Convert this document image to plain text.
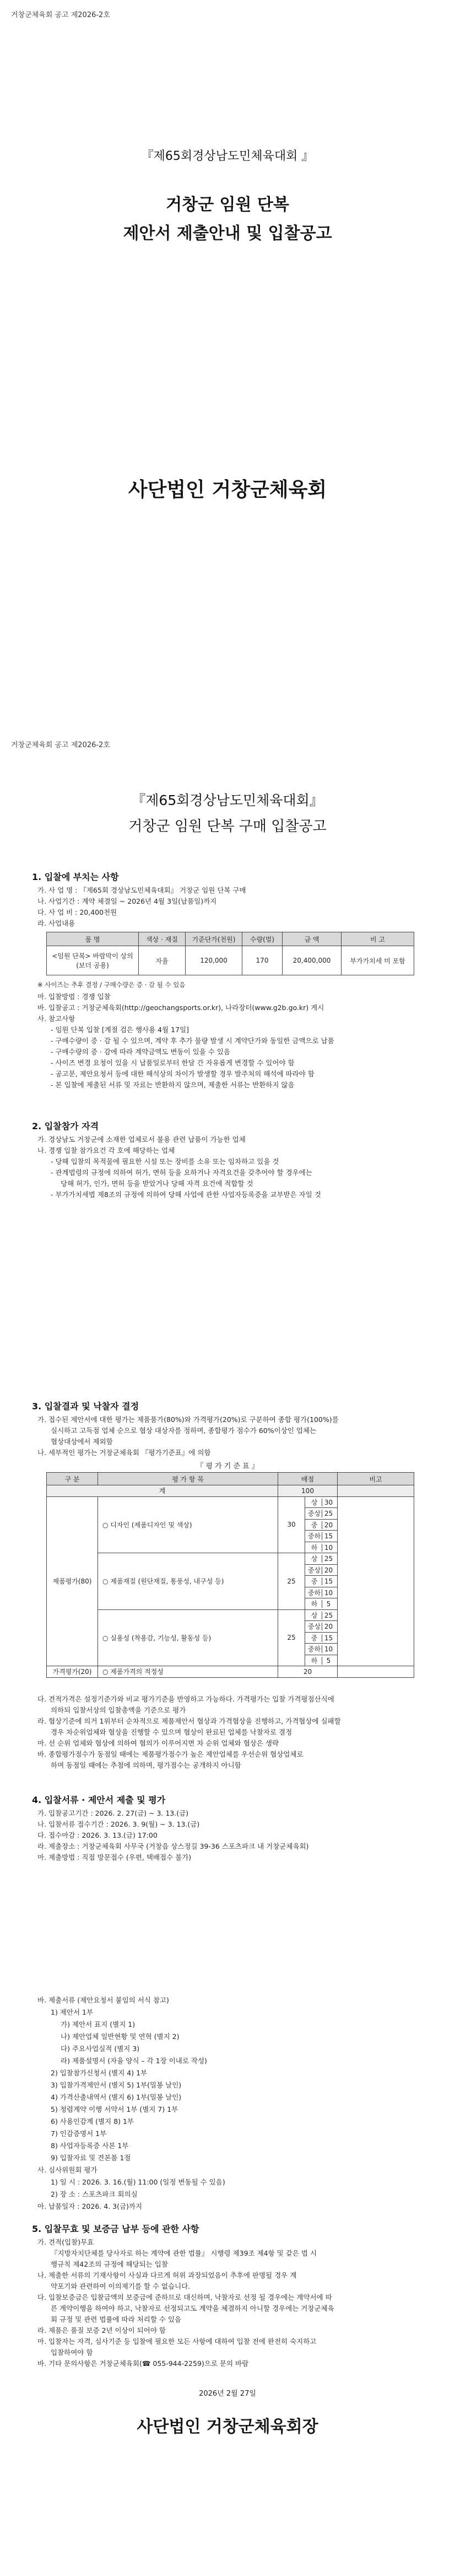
거창군체육회 공고 제2026-2호
『제65회경상남도민체육대회 』
거창군 임원 단복
제안서 제출안내 및 입찰공고
사단법인 거창군체육회
거창군체육회 공고 제2026-2호
『제65회경상남도민체육대회』
거창군 임원 단복 구매 입찰공고
1. 입찰에 부치는 사항
가. 사 업 명 : 『제65회 경상남도민체육대회』 거창군 임원 단복 구매
나. 사업기간 : 계약 체결일 ~ 2026년 4월 3일(납품일)까지
다. 사 업 비 : 20,400천원
라. 사업내용
품 명	색상 · 재질	기준단가(천원)	수량(벌)	금 액	비 고
<임원 단복> 바람막이 상의 (보더 공용)	자율	120,000	170	20,400,000	부가가치세 미 포함
※ 사이즈는 추후 결정 / 구매수량은 증 · 감 될 수 있음
마. 입찰방법 : 경쟁 입찰
바. 입찰공고 : 거창군체육회(http://geochangsports.or.kr), 나라장터(www.g2b.go.kr) 게시
사. 참고사항
- 임원 단복 입찰 [계절 검은 행사용 4월 17일]
- 구매수량이 증 · 감 될 수 있으며, 계약 후 추가 물량 발생 시 계약단가와 동일한 금액으로 납품
- 구매수량의 증 · 감에 따라 계약금액도 변동이 있을 수 있음
- 사이즈 변경 요청이 있을 시 납품일로부터 한달 간 자유롭게 변경할 수 있어야 함
- 공고문, 제안요청서 등에 대한 해석상의 차이가 발생할 경우 발주처의 해석에 따라야 함
- 본 입찰에 제출된 서류 및 자료는 반환하지 않으며, 제출한 서류는 반환하지 않음
2. 입찰참가 자격
가. 경상남도 거창군에 소재한 업체로서 불용 관련 납품이 가능한 업체
나. 경쟁 입찰 참가요건 각 호에 해당하는 업체
- 당해 입찰의 목적물에 필요한 시설 또는 장비를 소유 또는 임차하고 있을 것
- 관계법령의 규정에 의하여 허가, 면허 등을 요하거나 자격요건을 갖추어야 할 경우에는
당해 허가, 인가, 면허 등을 받았거나 당해 자격 요건에 적합할 것
- 부가가치세법 제8조의 규정에 의하여 당해 사업에 관한 사업자등록증을 교부받은 자일 것
3. 입찰결과 및 낙찰자 결정
가. 접수된 제안서에 대한 평가는 제품품가(80%)와 가격평가(20%)로 구분하여 종합 평가(100%)를
실시하고 고득점 업체 순으로 협상 대상자를 정하며, 종합평가 점수가 60%이상인 업체는
협상대상에서 제외함
나. 세부적인 평가는 거창군체육회 『평가기준표』에 의함
『 평 가 기 준 표 』
구 분	평 가 항 목	배점		비고
계		100		
제품평가(80)	○ 디자인 (제품디자인 및 색상)	30	상 30	
			중상 25	
			중 20	
			중하 15	
			하 10	
	○ 제품재질 (원단재질, 통풍성, 내구성 등)	25	상 25	
			중상 20	
			중 15	
			중하 10	
			하 5	
	○ 실용성 (착용감, 기능성, 활동성 등)	25	상 25	
			중상 20	
			중 15	
			중하 10	
			하 5	
가격평가(20)	○ 제품가격의 적정성	20		
다. 견적가격은 설정기준가와 비교 평가기준을 반영하고 가능하다. 가격평가는 입찰 가격평점산식에
의하되 입찰서상의 입찰총액을 기준으로 평가
라. 협상기준에 의거 1위부터 순차적으로 제품제안서 협상과 가격협상을 진행하고, 가격협상에 실패할
경우 차순위업체와 협상을 진행할 수 있으며 협상이 완료된 업체를 낙찰자로 결정
마. 선 순위 업체와 협상에 의하여 협의가 이루어지면 차 순위 업체와 협상은 생략
바. 종합평가점수가 동점일 때에는 제품평가점수가 높은 제안업체를 우선순위 협상업체로
하며 동점일 때에는 추첨에 의하며, 평가점수는 공개하지 아니함
4. 입찰서류 · 제안서 제출 및 평가
가. 입찰공고기간 : 2026. 2. 27(금) ~ 3. 13.(금)
나. 입찰서류 접수기간 : 2026. 3. 9(월) ~ 3. 13.(금)
다. 접수마감 : 2026. 3. 13.(금) 17:00
라. 제출장소 : 거창군체육회 사무국 (거창읍 상스정길 39-36 스포츠파크 내 거창군체육회)
마. 제출방법 : 직접 방문접수 (우편, 택배접수 불가)
바. 제출서류 (제안요청서 붙임의 서식 참고)
1) 제안서 1부
가) 제안서 표지 (별지 1)
나) 제안업체 일반현황 및 연혁 (별지 2)
다) 주요사업실적 (별지 3)
라) 제품설명서 (자율 양식 – 각 1장 이내로 작성)
2) 입찰참가신청서 (별지 4) 1부
3) 입찰가격제안서 (별지 5) 1부(밀봉 날인)
4) 가격산출내역서 (별지 6) 1부(밀봉 날인)
5) 청렴계약 이행 서약서 1부 (별지 7) 1부
6) 사용인감계 (별지 8) 1부
7) 인감증명서 1부
8) 사업자등록증 사본 1부
9) 입찰자료 및 견본품 1점
사. 심사위원회 평가
1) 일 시 : 2026. 3. 16.(월) 11:00 (일정 변동될 수 있음)
2) 장 소 : 스포츠파크 회의실
아. 납품일자 : 2026. 4. 3(금)까지
5. 입찰무효 및 보증금 납부 등에 관한 사항
가. 견적(입찰)무효
『지방자치단체를 당사자로 하는 계약에 관한 법률』 시행령 제39조 제4항 및 같은 법 시
행규칙 제42조의 규정에 해당되는 입찰
나. 제출한 서류의 기재사항이 사실과 다르게 허위 과장되었음이 추후에 판명될 경우 계
약포기와 관련하여 이의제기를 할 수 없습니다.
다. 입찰보증금은 입찰금액의 보증금에 준하므로 대신하며, 낙찰자로 선정 될 경우에는 계약서에 따
른 계약이행을 하여야 하고, 낙찰자로 선정되고도 계약을 체결하지 아니할 경우에는 거창군체육
회 규정 및 관련 법률에 따라 처리할 수 있음
라. 제품은 품질 보증 2년 이상이 되어야 함
마. 입찰자는 자격, 심사기준 등 입찰에 필요한 모든 사항에 대하여 입찰 전에 완전히 숙지하고
입찰하여야 함
바. 기타 문의사항은 거창군체육회(☎ 055-944-2259)으로 문의 바람
2026년 2월 27일
사단법인 거창군체육회장
